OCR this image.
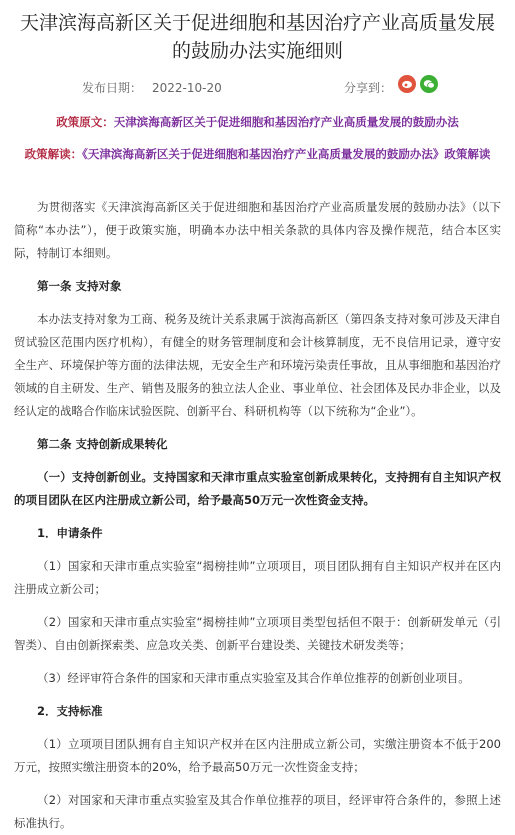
天津滨海高新区关于促进细胞和基因治疗产业高质量发展的鼓励办法实施细则
发布日期： 2022-10-20	分享到：
政策原文：天津滨海高新区关于促进细胞和基因治疗产业高质量发展的鼓励办法
政策解读：《天津滨海高新区关于促进细胞和基因治疗产业高质量发展的鼓励办法》政策解读

为贯彻落实《天津滨海高新区关于促进细胞和基因治疗产业高质量发展的鼓励办法》（以下简称“本办法”），便于政策实施，明确本办法中相关条款的具体内容及操作规范，结合本区实际，特制订本细则。

第一条 支持对象

本办法支持对象为工商、税务及统计关系隶属于滨海高新区（第四条支持对象可涉及天津自贸试验区范围内医疗机构），有健全的财务管理制度和会计核算制度，无不良信用记录，遵守安全生产、环境保护等方面的法律法规，无安全生产和环境污染责任事故，且从事细胞和基因治疗领域的自主研发、生产、销售及服务的独立法人企业、事业单位、社会团体及民办非企业，以及经认定的战略合作临床试验医院、创新平台、科研机构等（以下统称为“企业”）。

第二条 支持创新成果转化

（一）支持创新创业。支持国家和天津市重点实验室创新成果转化，支持拥有自主知识产权的项目团队在区内注册成立新公司，给予最高50万元一次性资金支持。

1．申请条件

（1）国家和天津市重点实验室“揭榜挂帅”立项项目，项目团队拥有自主知识产权并在区内注册成立新公司；

（2）国家和天津市重点实验室“揭榜挂帅”立项项目类型包括但不限于：创新研发单元（引智类）、自由创新探索类、应急攻关类、创新平台建设类、关键技术研发类等；

（3）经评审符合条件的国家和天津市重点实验室及其合作单位推荐的创新创业项目。

2．支持标准

（1）立项项目团队拥有自主知识产权并在区内注册成立新公司，实缴注册资本不低于200万元，按照实缴注册资本的20%，给予最高50万元一次性资金支持；

（2）对国家和天津市重点实验室及其合作单位推荐的项目，经评审符合条件的，参照上述标准执行。
